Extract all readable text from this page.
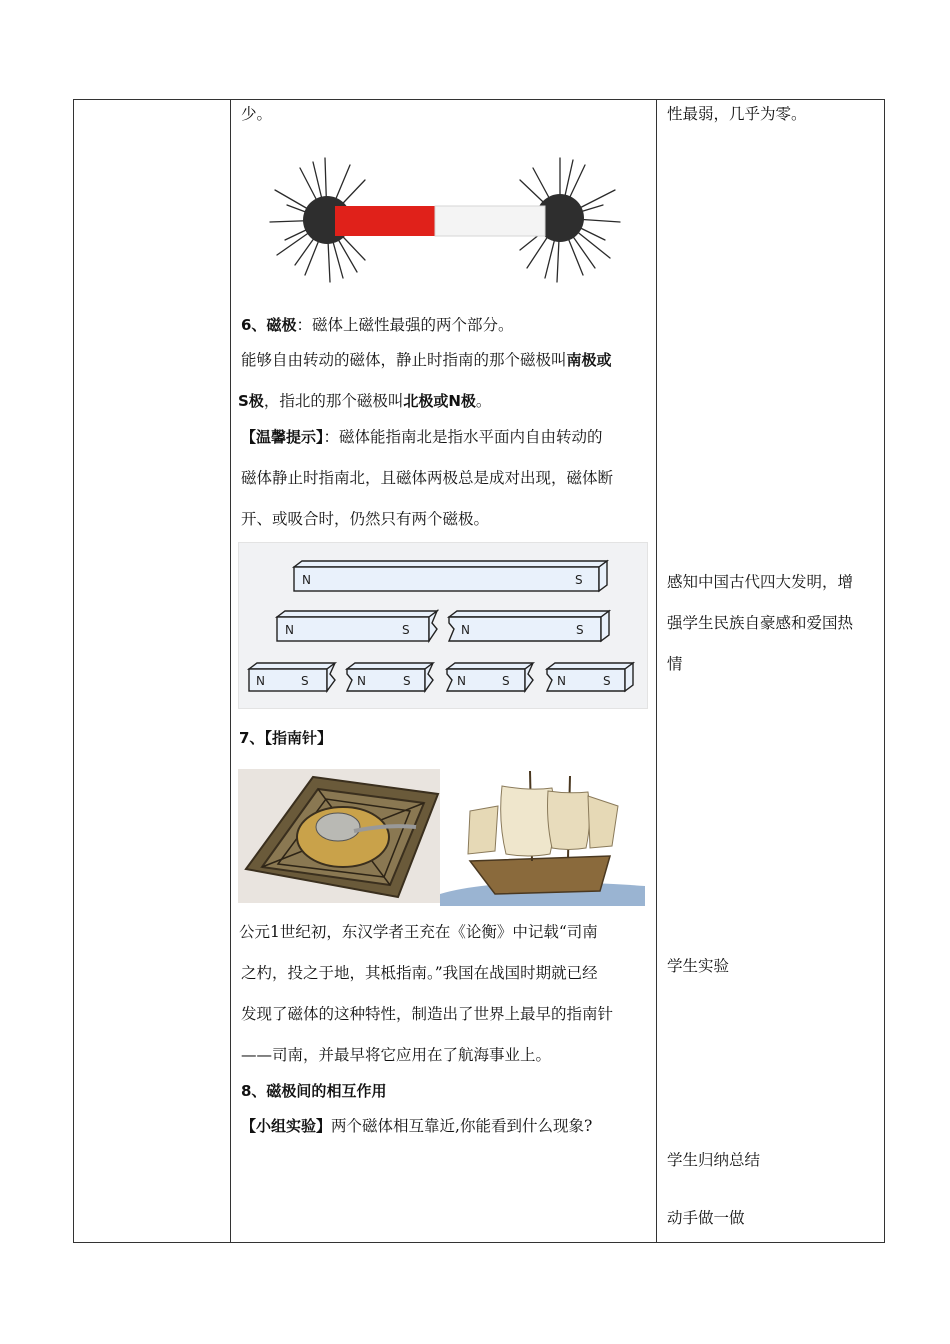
少。
6、磁极：磁体上磁性最强的两个部分。
能够自由转动的磁体，静止时指南的那个磁极叫南极或
S极，指北的那个磁极叫北极或N极。
【温馨提示】：磁体能指南北是指水平面内自由转动的
磁体静止时指南北，且磁体两极总是成对出现，磁体断
开、或吸合时，仍然只有两个磁极。
N	S
N	S	N	S
N	S	N	S	N	S	N	S
7、【指南针】
公元1世纪初，东汉学者王充在《论衡》中记载“司南
之杓，投之于地，其柢指南。”我国在战国时期就已经
发现了磁体的这种特性，制造出了世界上最早的指南针
——司南，并最早将它应用在了航海事业上。
8、磁极间的相互作用
【小组实验】两个磁体相互靠近,你能看到什么现象?
性最弱，几乎为零。
感知中国古代四大发明，增
强学生民族自豪感和爱国热
情
学生实验
学生归纳总结
动手做一做
